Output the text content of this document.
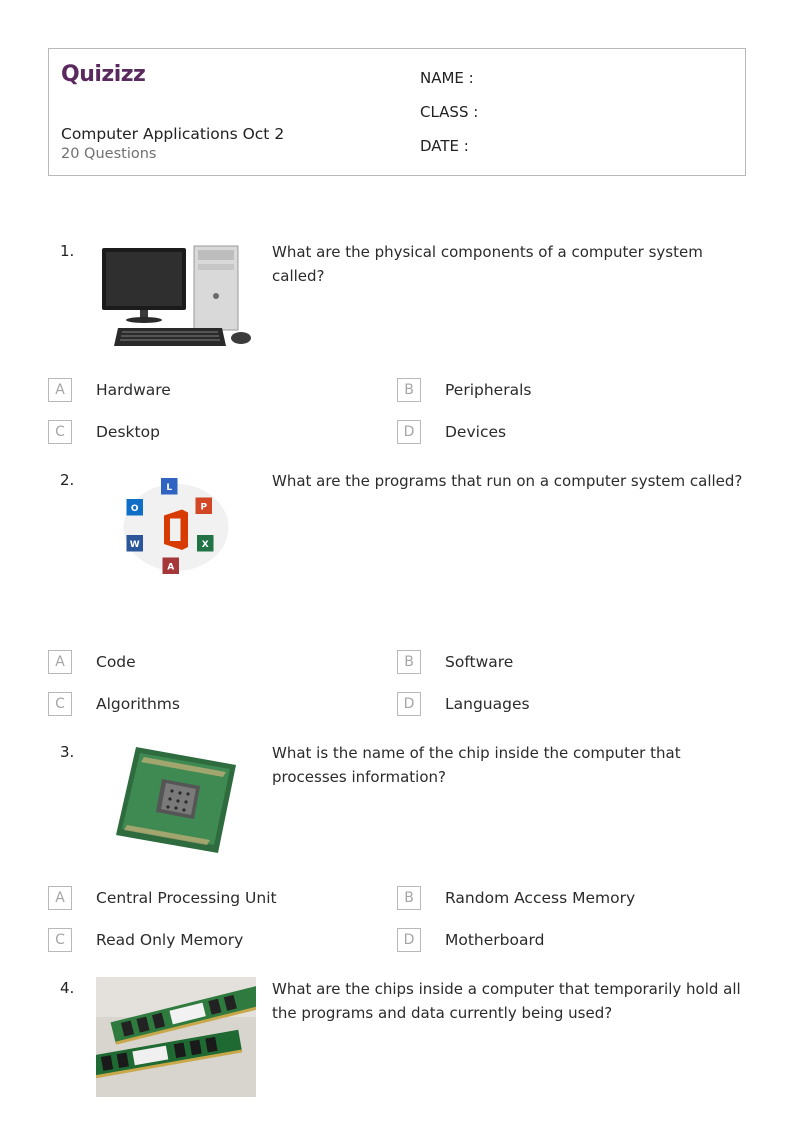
Quizizz
Computer Applications Oct 2
20 Questions
NAME :
CLASS :
DATE :
1.	What are the physical components of a computer system called?
A	Hardware	B	Peripherals
C	Desktop	D	Devices
2.	L
O	P
W	X
A
What are the programs that run on a computer system called?
A	Code	B	Software
C	Algorithms	D	Languages
3.	What is the name of the chip inside the computer that processes information?
A	Central Processing Unit	B	Random Access Memory
C	Read Only Memory	D	Motherboard
4.	What are the chips inside a computer that temporarily hold all the programs and data currently being used?
